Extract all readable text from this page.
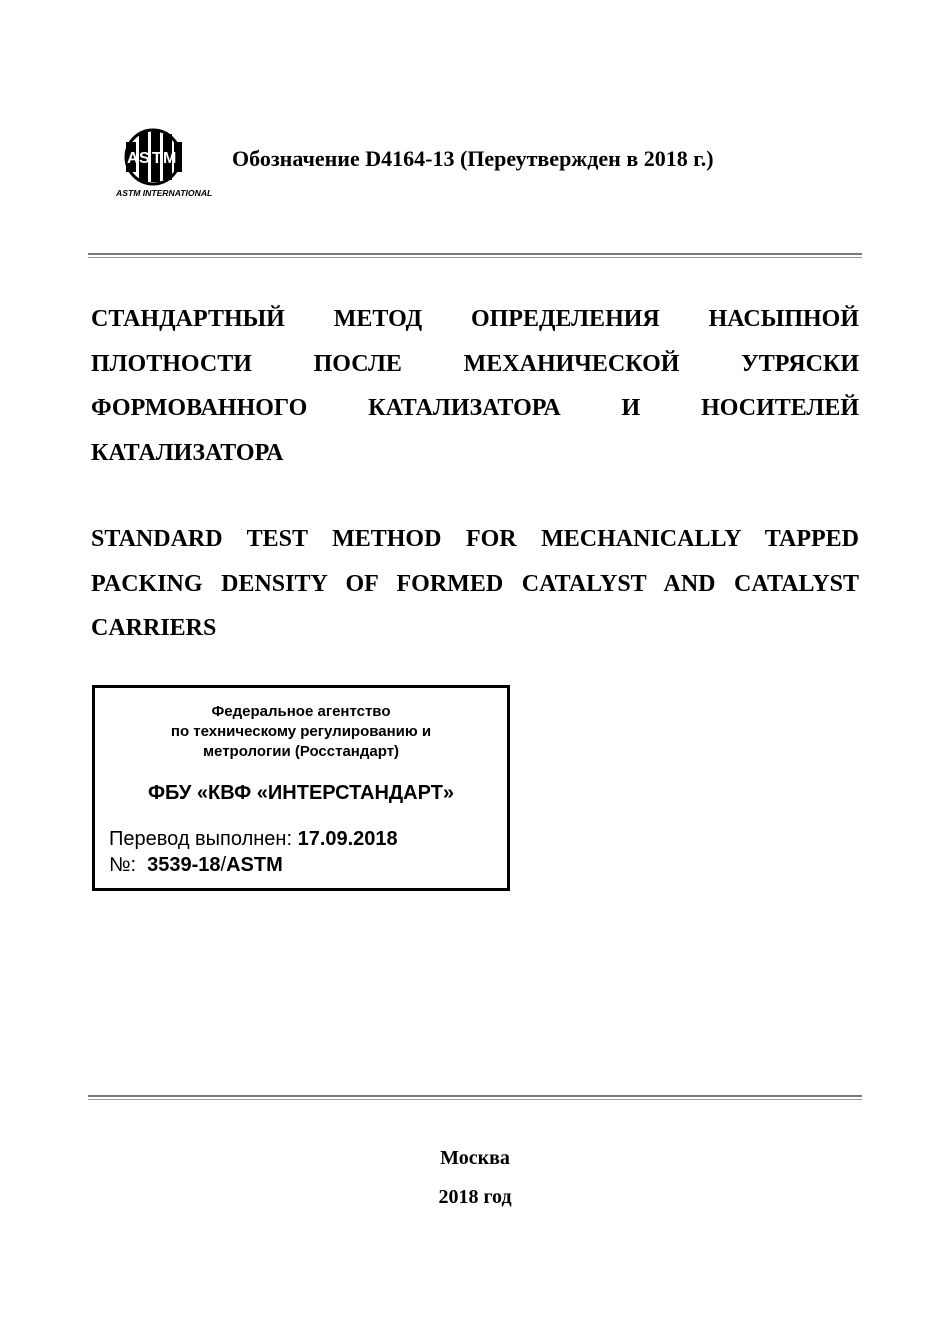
A S T M
ASTM INTERNATIONAL
Обозначение D4164-13 (Переутвержден в 2018 г.)
СТАНДАРТНЫЙ МЕТОД ОПРЕДЕЛЕНИЯ НАСЫПНОЙ ПЛОТНОСТИ ПОСЛЕ МЕХАНИЧЕСКОЙ УТРЯСКИ ФОРМОВАННОГО КАТАЛИЗАТОРА И НОСИТЕЛЕЙ КАТАЛИЗАТОРА
STANDARD TEST METHOD FOR MECHANICALLY TAPPED PACKING DENSITY OF FORMED CATALYST AND CATALYST CARRIERS
Федеральное агентство
по техническому регулированию и
метрологии (Росстандарт)
ФБУ «КВФ «ИНТЕРСТАНДАРТ»
Перевод выполнен: 17.09.2018
№: 3539-18/ASTM
Москва
2018 год
